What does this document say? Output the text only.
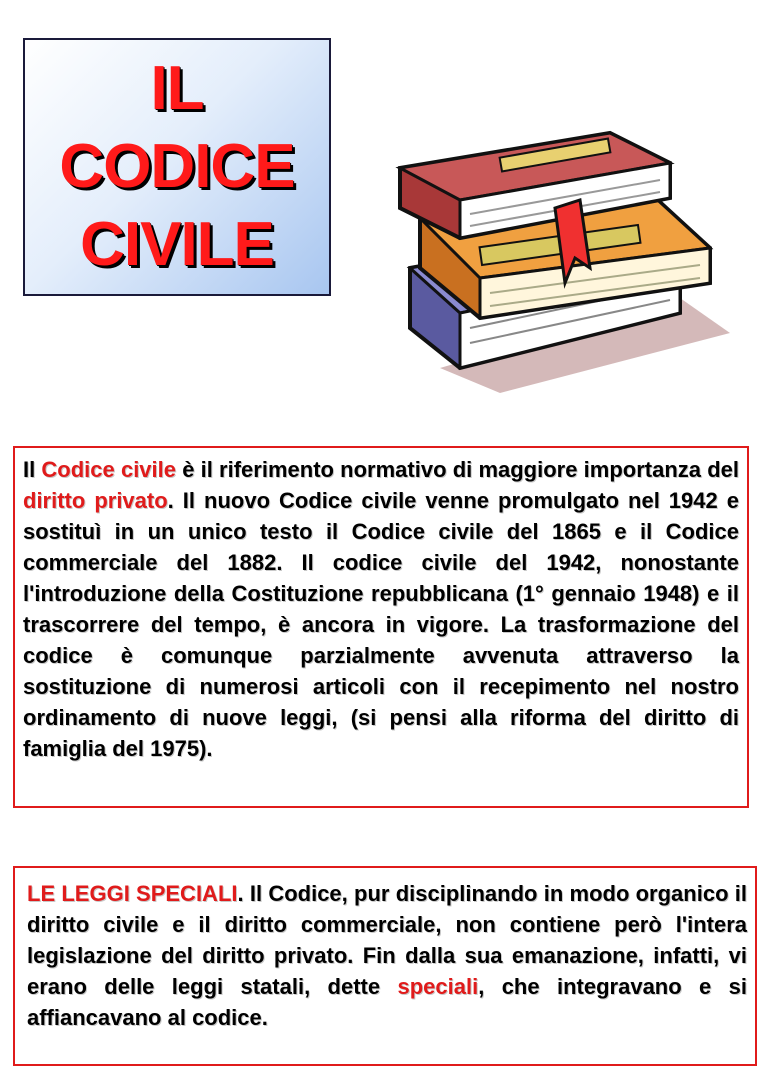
IL
CODICE
CIVILE
Il Codice civile è il riferimento normativo di maggiore importanza del diritto privato. Il nuovo Codice civile venne promulgato nel 1942 e sostituì in un unico testo il Codice civile del 1865 e il Codice commerciale del 1882. Il codice civile del 1942, nonostante l'introduzione della Costituzione repubblicana (1° gennaio 1948) e il trascorrere del tempo, è ancora in vigore. La trasformazione del codice è comunque parzialmente avvenuta attraverso la sostituzione di numerosi articoli con il recepimento nel nostro ordinamento di nuove leggi, (si pensi alla riforma del diritto di famiglia del 1975).
LE LEGGI SPECIALI. Il Codice, pur disciplinando in modo organico il diritto civile e il diritto commerciale, non contiene però l'intera legislazione del diritto privato. Fin dalla sua emanazione, infatti, vi erano delle leggi statali, dette speciali, che integravano e si affiancavano al codice.
